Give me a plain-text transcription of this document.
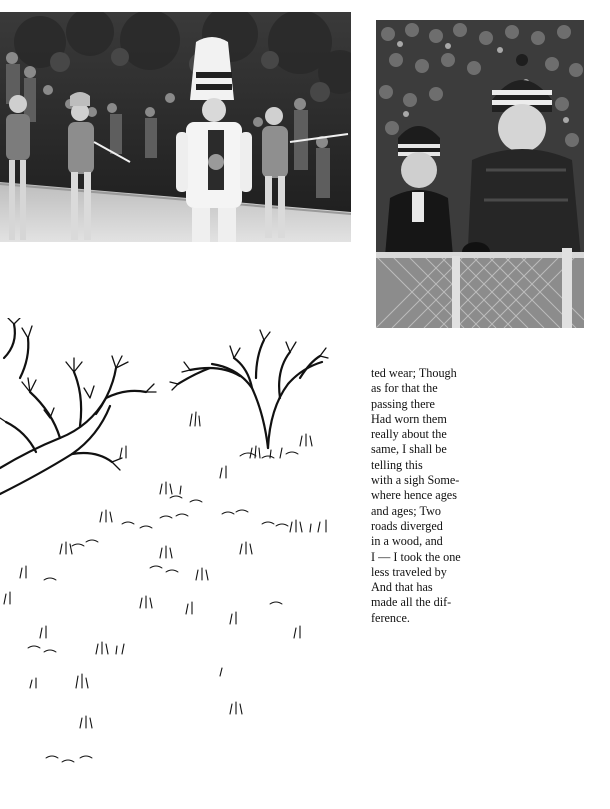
ted wear; Though
as for that the
passing there
Had worn them
really about the
same, I shall be
telling this
with a sigh Some-
where hence ages
and ages; Two
roads diverged
in a wood, and
I — I took the one
less traveled by
And that has
made all the dif-
ference.
